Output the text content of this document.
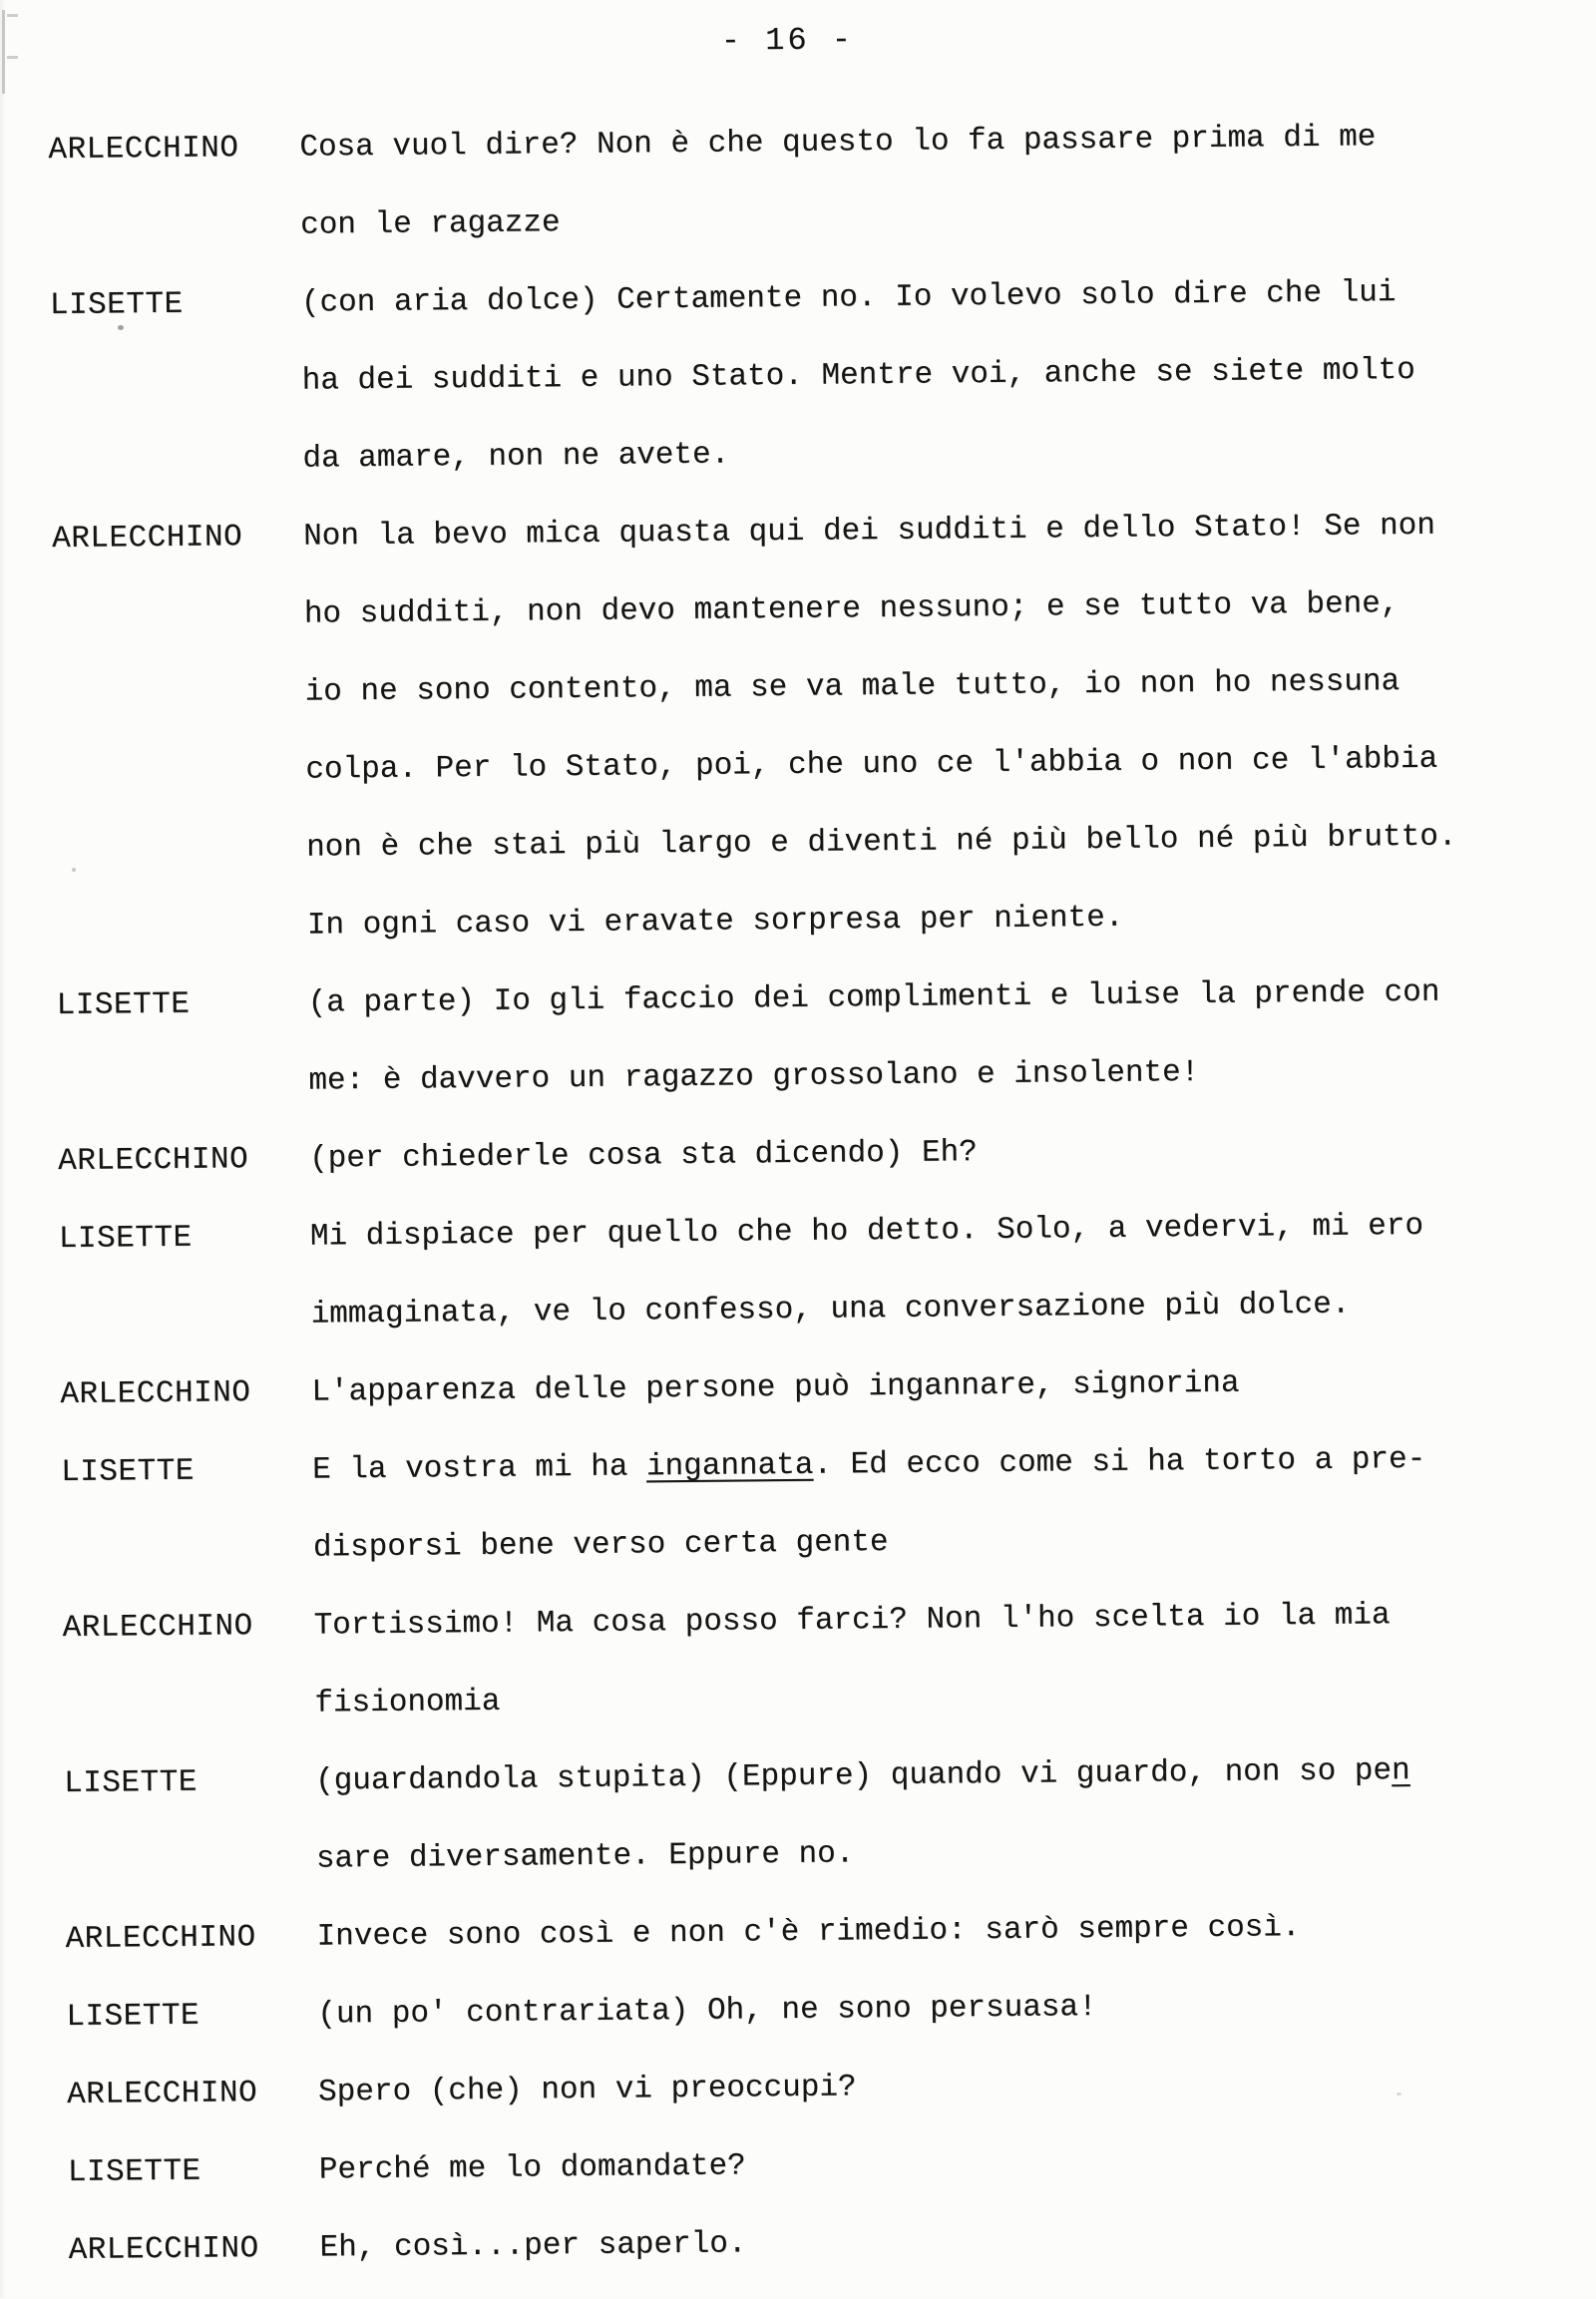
- 16 -
ARLECCHINO	Cosa vuol dire? Non è che questo lo fa passare prima di me
con le ragazze
LISETTE	(con aria dolce) Certamente no. Io volevo solo dire che lui
ha dei sudditi e uno Stato. Mentre voi, anche se siete molto
da amare, non ne avete.
ARLECCHINO	Non la bevo mica quasta qui dei sudditi e dello Stato! Se non
ho sudditi, non devo mantenere nessuno; e se tutto va bene,
io ne sono contento, ma se va male tutto, io non ho nessuna
colpa. Per lo Stato, poi, che uno ce l'abbia o non ce l'abbia
non è che stai più largo e diventi né più bello né più brutto.
In ogni caso vi eravate sorpresa per niente.
LISETTE	(a parte) Io gli faccio dei complimenti e luise la prende con
me: è davvero un ragazzo grossolano e insolente!
ARLECCHINO	(per chiederle cosa sta dicendo) Eh?
LISETTE	Mi dispiace per quello che ho detto. Solo, a vedervi, mi ero
immaginata, ve lo confesso, una conversazione più dolce.
ARLECCHINO	L'apparenza delle persone può ingannare, signorina
LISETTE	E la vostra mi ha ingannata. Ed ecco come si ha torto a pre-
disporsi bene verso certa gente
ARLECCHINO	Tortissimo! Ma cosa posso farci? Non l'ho scelta io la mia
fisionomia
LISETTE	(guardandola stupita) (Eppure) quando vi guardo, non so pen
sare diversamente. Eppure no.
ARLECCHINO	Invece sono così e non c'è rimedio: sarò sempre così.
LISETTE	(un po' contrariata) Oh, ne sono persuasa!
ARLECCHINO	Spero (che) non vi preoccupi?
LISETTE	Perché me lo domandate?
ARLECCHINO	Eh, così...per saperlo.
